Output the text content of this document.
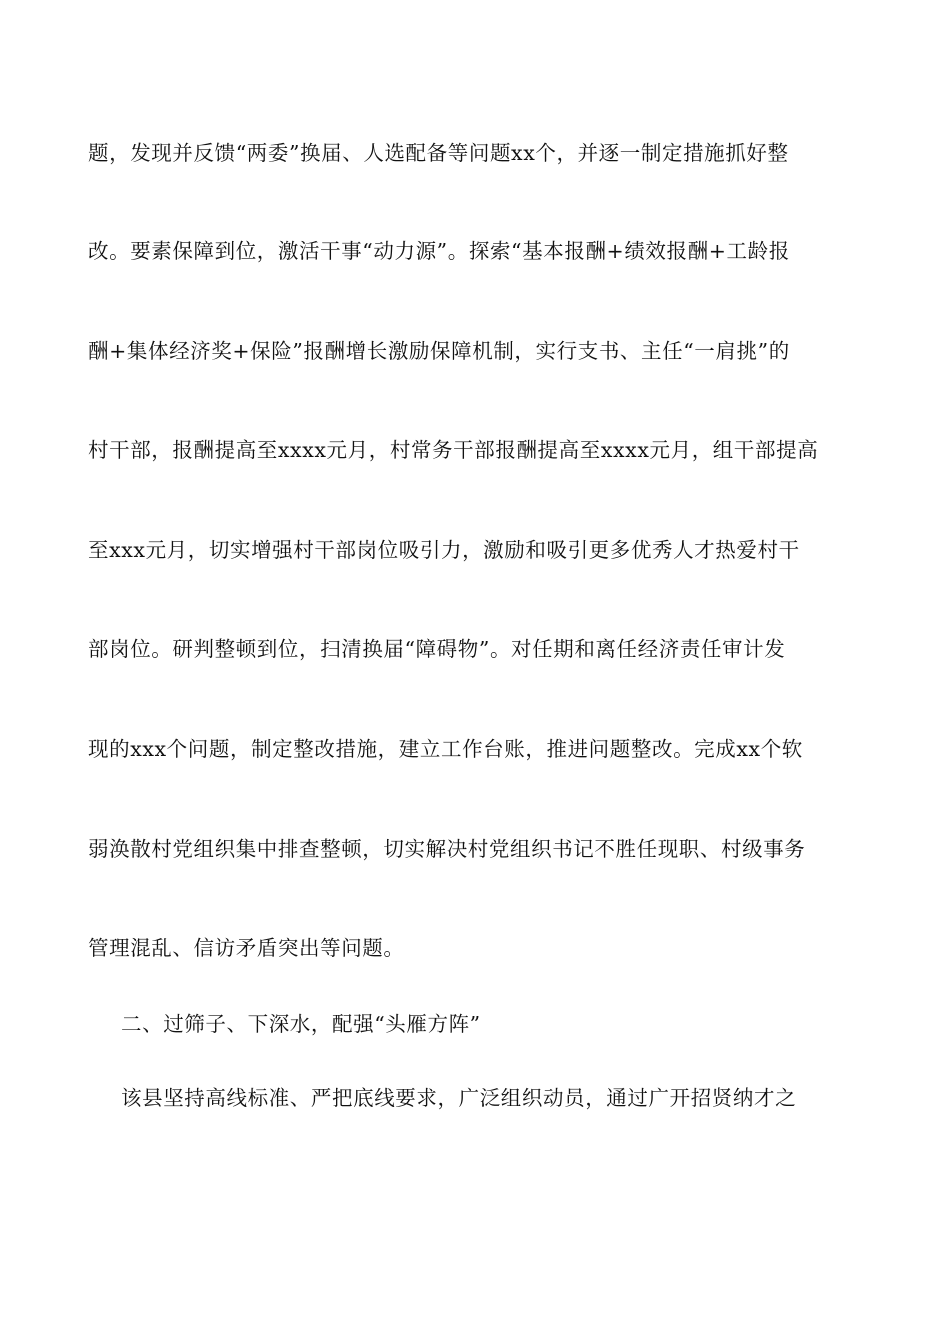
题，发现并反馈“两委”换届、人选配备等问题xx个，并逐一制定措施抓好整
改。要素保障到位，激活干事“动力源”。探索“基本报酬+绩效报酬+工龄报
酬+集体经济奖+保险”报酬增长激励保障机制，实行支书、主任“一肩挑”的
村干部，报酬提高至xxxx元月，村常务干部报酬提高至xxxx元月，组干部提高
至xxx元月，切实增强村干部岗位吸引力，激励和吸引更多优秀人才热爱村干
部岗位。研判整顿到位，扫清换届“障碍物”。对任期和离任经济责任审计发
现的xxx个问题，制定整改措施，建立工作台账，推进问题整改。完成xx个软
弱涣散村党组织集中排查整顿，切实解决村党组织书记不胜任现职、村级事务
管理混乱、信访矛盾突出等问题。
二、过筛子、下深水，配强“头雁方阵”
该县坚持高线标准、严把底线要求，广泛组织动员，通过广开招贤纳才之
